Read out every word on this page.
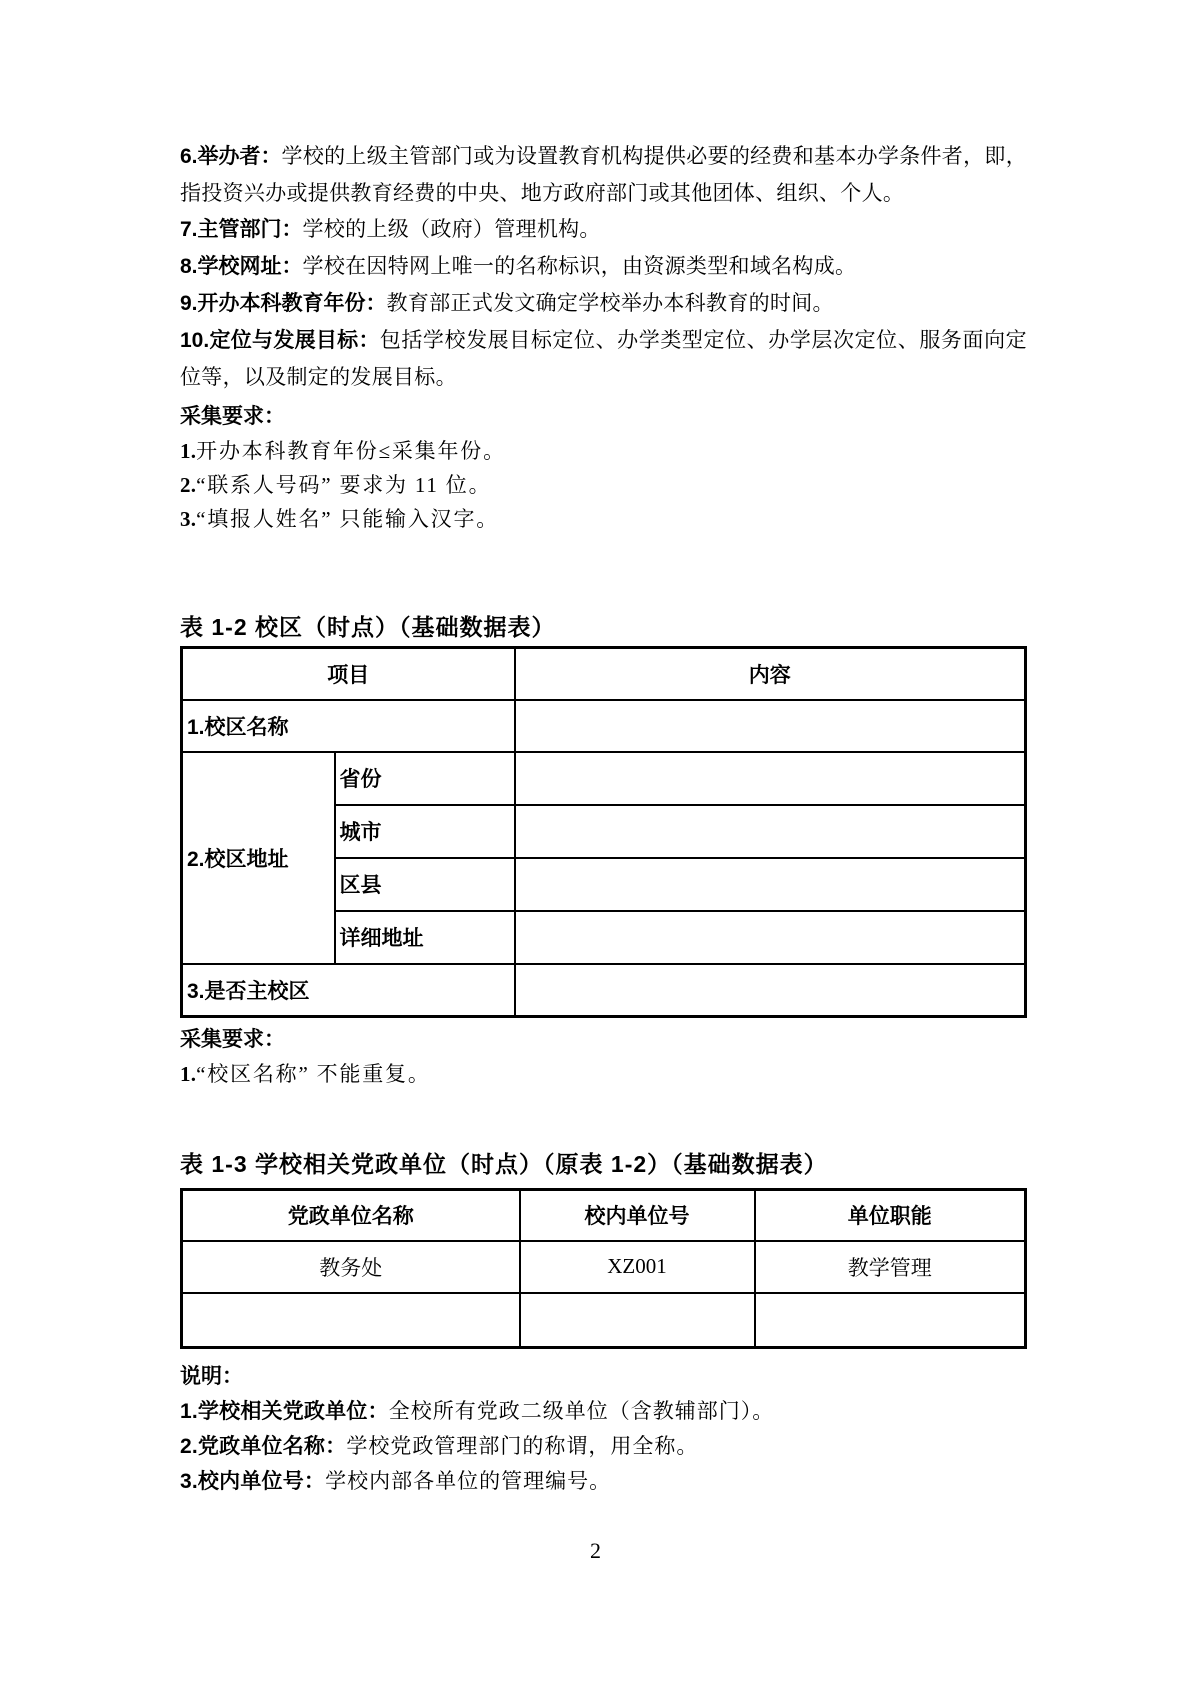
6.举办者：学校的上级主管部门或为设置教育机构提供必要的经费和基本办学条件者，即，指投资兴办或提供教育经费的中央、地方政府部门或其他团体、组织、个人。

7.主管部门：学校的上级（政府）管理机构。

8.学校网址：学校在因特网上唯一的名称标识，由资源类型和域名构成。

9.开办本科教育年份：教育部正式发文确定学校举办本科教育的时间。

10.定位与发展目标：包括学校发展目标定位、办学类型定位、办学层次定位、服务面向定位等，以及制定的发展目标。

采集要求：

1.开办本科教育年份≤采集年份。

2.“联系人号码” 要求为 11 位。

3.“填报人姓名” 只能输入汉字。

表 1-2 校区（时点）（基础数据表）
项目		内容
1.校区名称		
2.校区地址	省份	
	城市	
	区县	
	详细地址	
3.是否主校区		

采集要求：

1.“校区名称” 不能重复。

表 1-3 学校相关党政单位（时点）（原表 1-2）（基础数据表）
党政单位名称	校内单位号	单位职能
教务处	XZ001	教学管理

说明：

1.学校相关党政单位：全校所有党政二级单位（含教辅部门）。

2.党政单位名称：学校党政管理部门的称谓，用全称。

3.校内单位号：学校内部各单位的管理编号。

2
